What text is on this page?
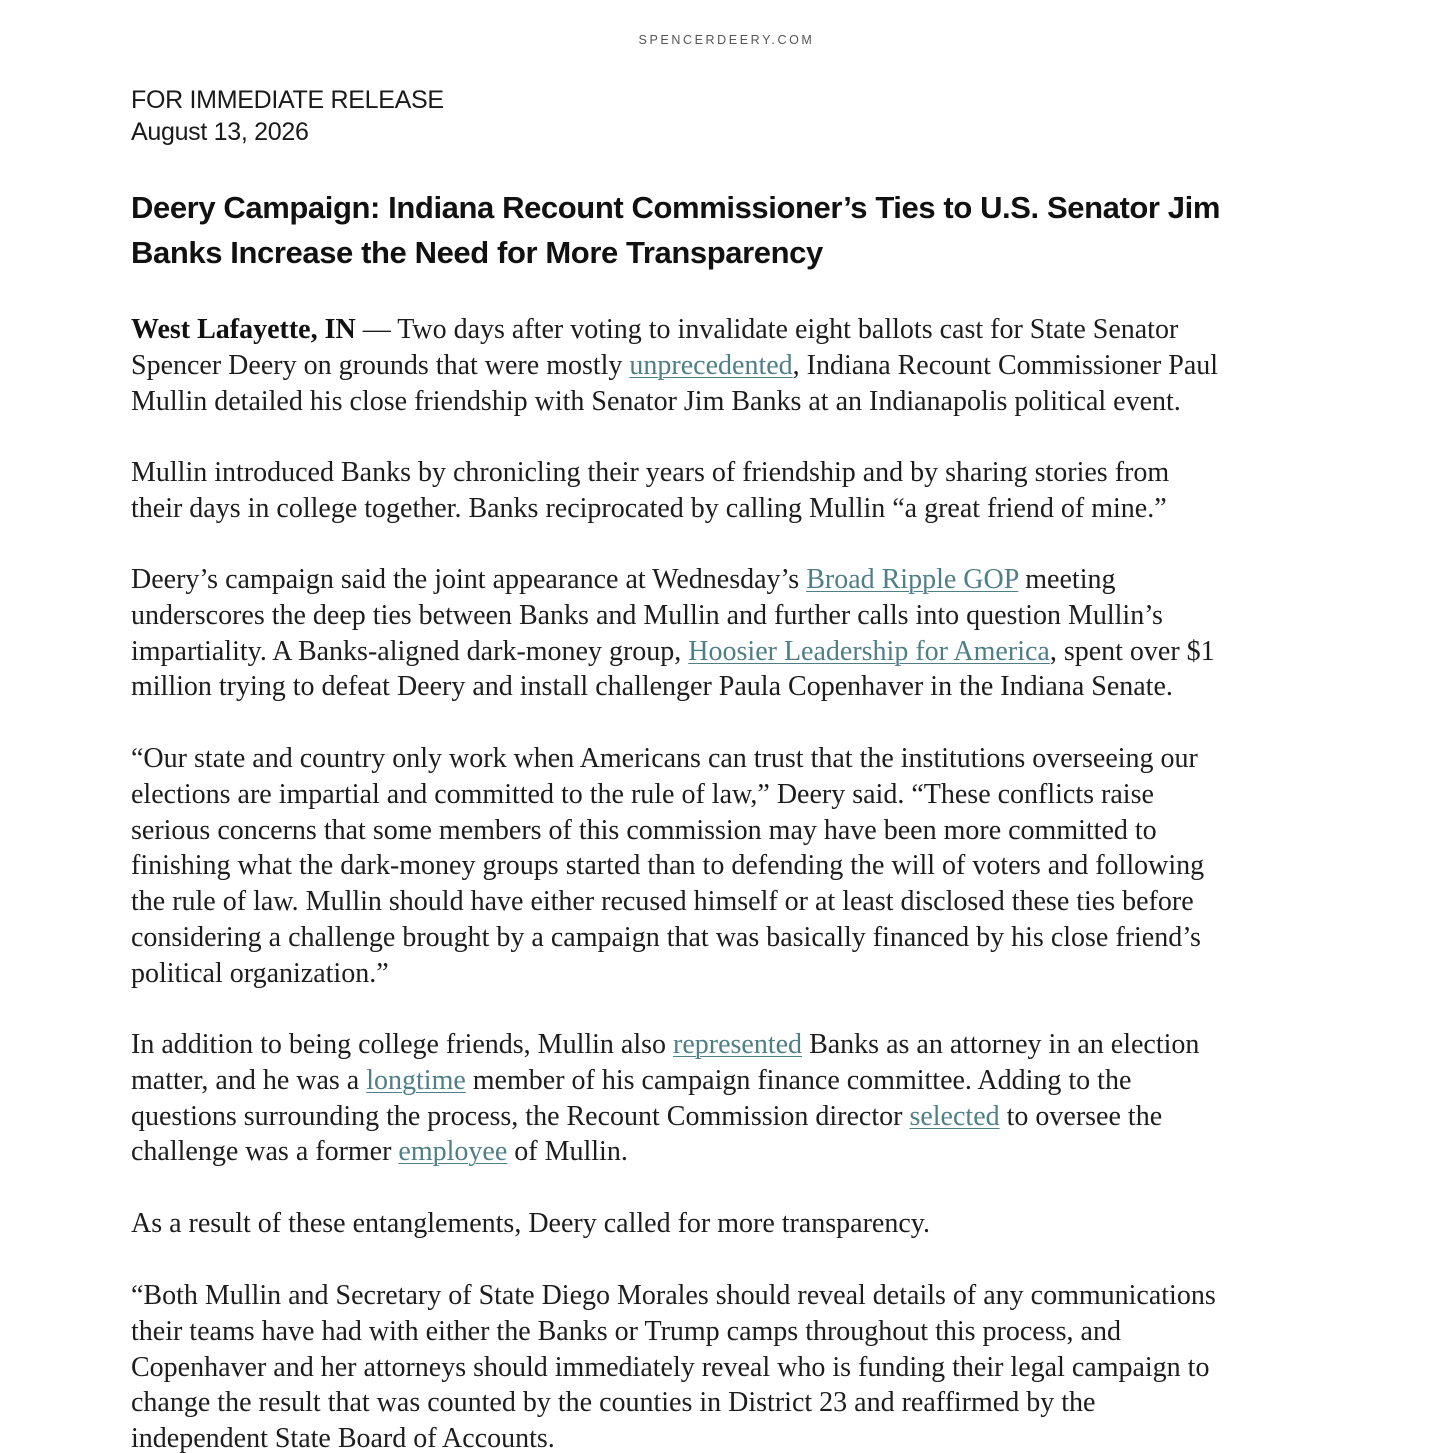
SPENCERDEERY.COM
FOR IMMEDIATE RELEASE
August 13, 2026
Deery Campaign: Indiana Recount Commissioner’s Ties to U.S. Senator Jim
Banks Increase the Need for More Transparency

West Lafayette, IN — Two days after voting to invalidate eight ballots cast for State Senator
Spencer Deery on grounds that were mostly unprecedented, Indiana Recount Commissioner Paul
Mullin detailed his close friendship with Senator Jim Banks at an Indianapolis political event.

Mullin introduced Banks by chronicling their years of friendship and by sharing stories from
their days in college together. Banks reciprocated by calling Mullin “a great friend of mine.”

Deery’s campaign said the joint appearance at Wednesday’s Broad Ripple GOP meeting
underscores the deep ties between Banks and Mullin and further calls into question Mullin’s
impartiality. A Banks-aligned dark-money group, Hoosier Leadership for America, spent over $1
million trying to defeat Deery and install challenger Paula Copenhaver in the Indiana Senate.

“Our state and country only work when Americans can trust that the institutions overseeing our
elections are impartial and committed to the rule of law,” Deery said. “These conflicts raise
serious concerns that some members of this commission may have been more committed to
finishing what the dark-money groups started than to defending the will of voters and following
the rule of law. Mullin should have either recused himself or at least disclosed these ties before
considering a challenge brought by a campaign that was basically financed by his close friend’s
political organization.”

In addition to being college friends, Mullin also represented Banks as an attorney in an election
matter, and he was a longtime member of his campaign finance committee. Adding to the
questions surrounding the process, the Recount Commission director selected to oversee the
challenge was a former employee of Mullin.

As a result of these entanglements, Deery called for more transparency.

“Both Mullin and Secretary of State Diego Morales should reveal details of any communications
their teams have had with either the Banks or Trump camps throughout this process, and
Copenhaver and her attorneys should immediately reveal who is funding their legal campaign to
change the result that was counted by the counties in District 23 and reaffirmed by the
independent State Board of Accounts.
